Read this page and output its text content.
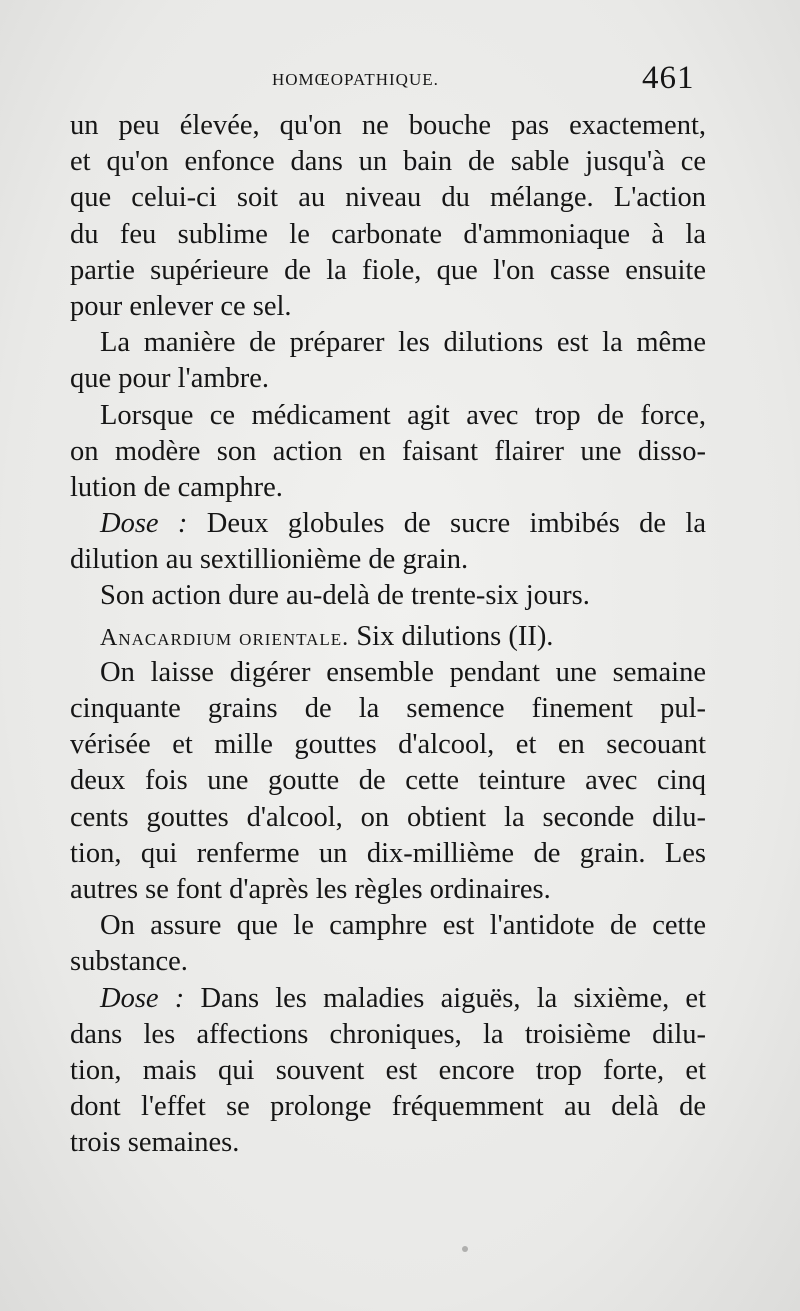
HOMŒOPATHIQUE.	461
un peu élevée, qu'on ne bouche pas exactement,
et qu'on enfonce dans un bain de sable jusqu'à ce
que celui-ci soit au niveau du mélange. L'action
du feu sublime le carbonate d'ammoniaque à la
partie supérieure de la fiole, que l'on casse ensuite
pour enlever ce sel.
La manière de préparer les dilutions est la même
que pour l'ambre.
Lorsque ce médicament agit avec trop de force,
on modère son action en faisant flairer une disso-
lution de camphre.
Dose : Deux globules de sucre imbibés de la
dilution au sextillionième de grain.
Son action dure au-delà de trente-six jours.
Anacardium orientale. Six dilutions (II).
On laisse digérer ensemble pendant une semaine
cinquante grains de la semence finement pul-
vérisée et mille gouttes d'alcool, et en secouant
deux fois une goutte de cette teinture avec cinq
cents gouttes d'alcool, on obtient la seconde dilu-
tion, qui renferme un dix-millième de grain. Les
autres se font d'après les règles ordinaires.
On assure que le camphre est l'antidote de cette
substance.
Dose : Dans les maladies aiguës, la sixième, et
dans les affections chroniques, la troisième dilu-
tion, mais qui souvent est encore trop forte, et
dont l'effet se prolonge fréquemment au delà de
trois semaines.
